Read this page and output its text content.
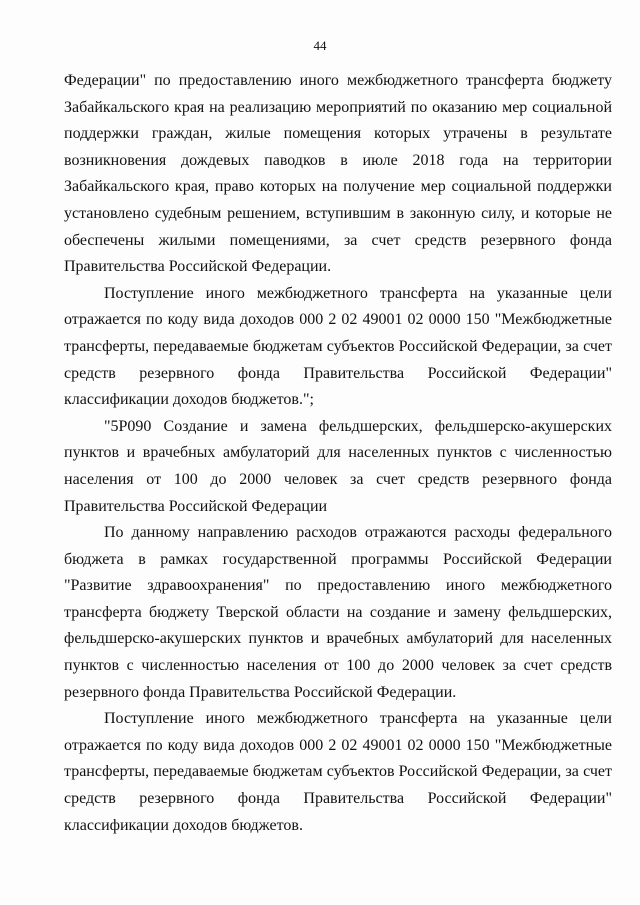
44

Федерации" по предоставлению иного межбюджетного трансферта бюджету Забайкальского края на реализацию мероприятий по оказанию мер социальной поддержки граждан, жилые помещения которых утрачены в результате возникновения дождевых паводков в июле 2018 года на территории Забайкальского края, право которых на получение мер социальной поддержки установлено судебным решением, вступившим в законную силу, и которые не обеспечены жилыми помещениями, за счет средств резервного фонда Правительства Российской Федерации.

Поступление иного межбюджетного трансферта на указанные цели отражается по коду вида доходов 000 2 02 49001 02 0000 150 "Межбюджетные трансферты, передаваемые бюджетам субъектов Российской Федерации, за счет средств резервного фонда Правительства Российской Федерации" классификации доходов бюджетов.";

"5Р090 Создание и замена фельдшерских, фельдшерско-акушерских пунктов и врачебных амбулаторий для населенных пунктов с численностью населения от 100 до 2000 человек за счет средств резервного фонда Правительства Российской Федерации

По данному направлению расходов отражаются расходы федерального бюджета в рамках государственной программы Российской Федерации "Развитие здравоохранения" по предоставлению иного межбюджетного трансферта бюджету Тверской области на создание и замену фельдшерских, фельдшерско-акушерских пунктов и врачебных амбулаторий для населенных пунктов с численностью населения от 100 до 2000 человек за счет средств резервного фонда Правительства Российской Федерации.

Поступление иного межбюджетного трансферта на указанные цели отражается по коду вида доходов 000 2 02 49001 02 0000 150 "Межбюджетные трансферты, передаваемые бюджетам субъектов Российской Федерации, за счет средств резервного фонда Правительства Российской Федерации" классификации доходов бюджетов.
